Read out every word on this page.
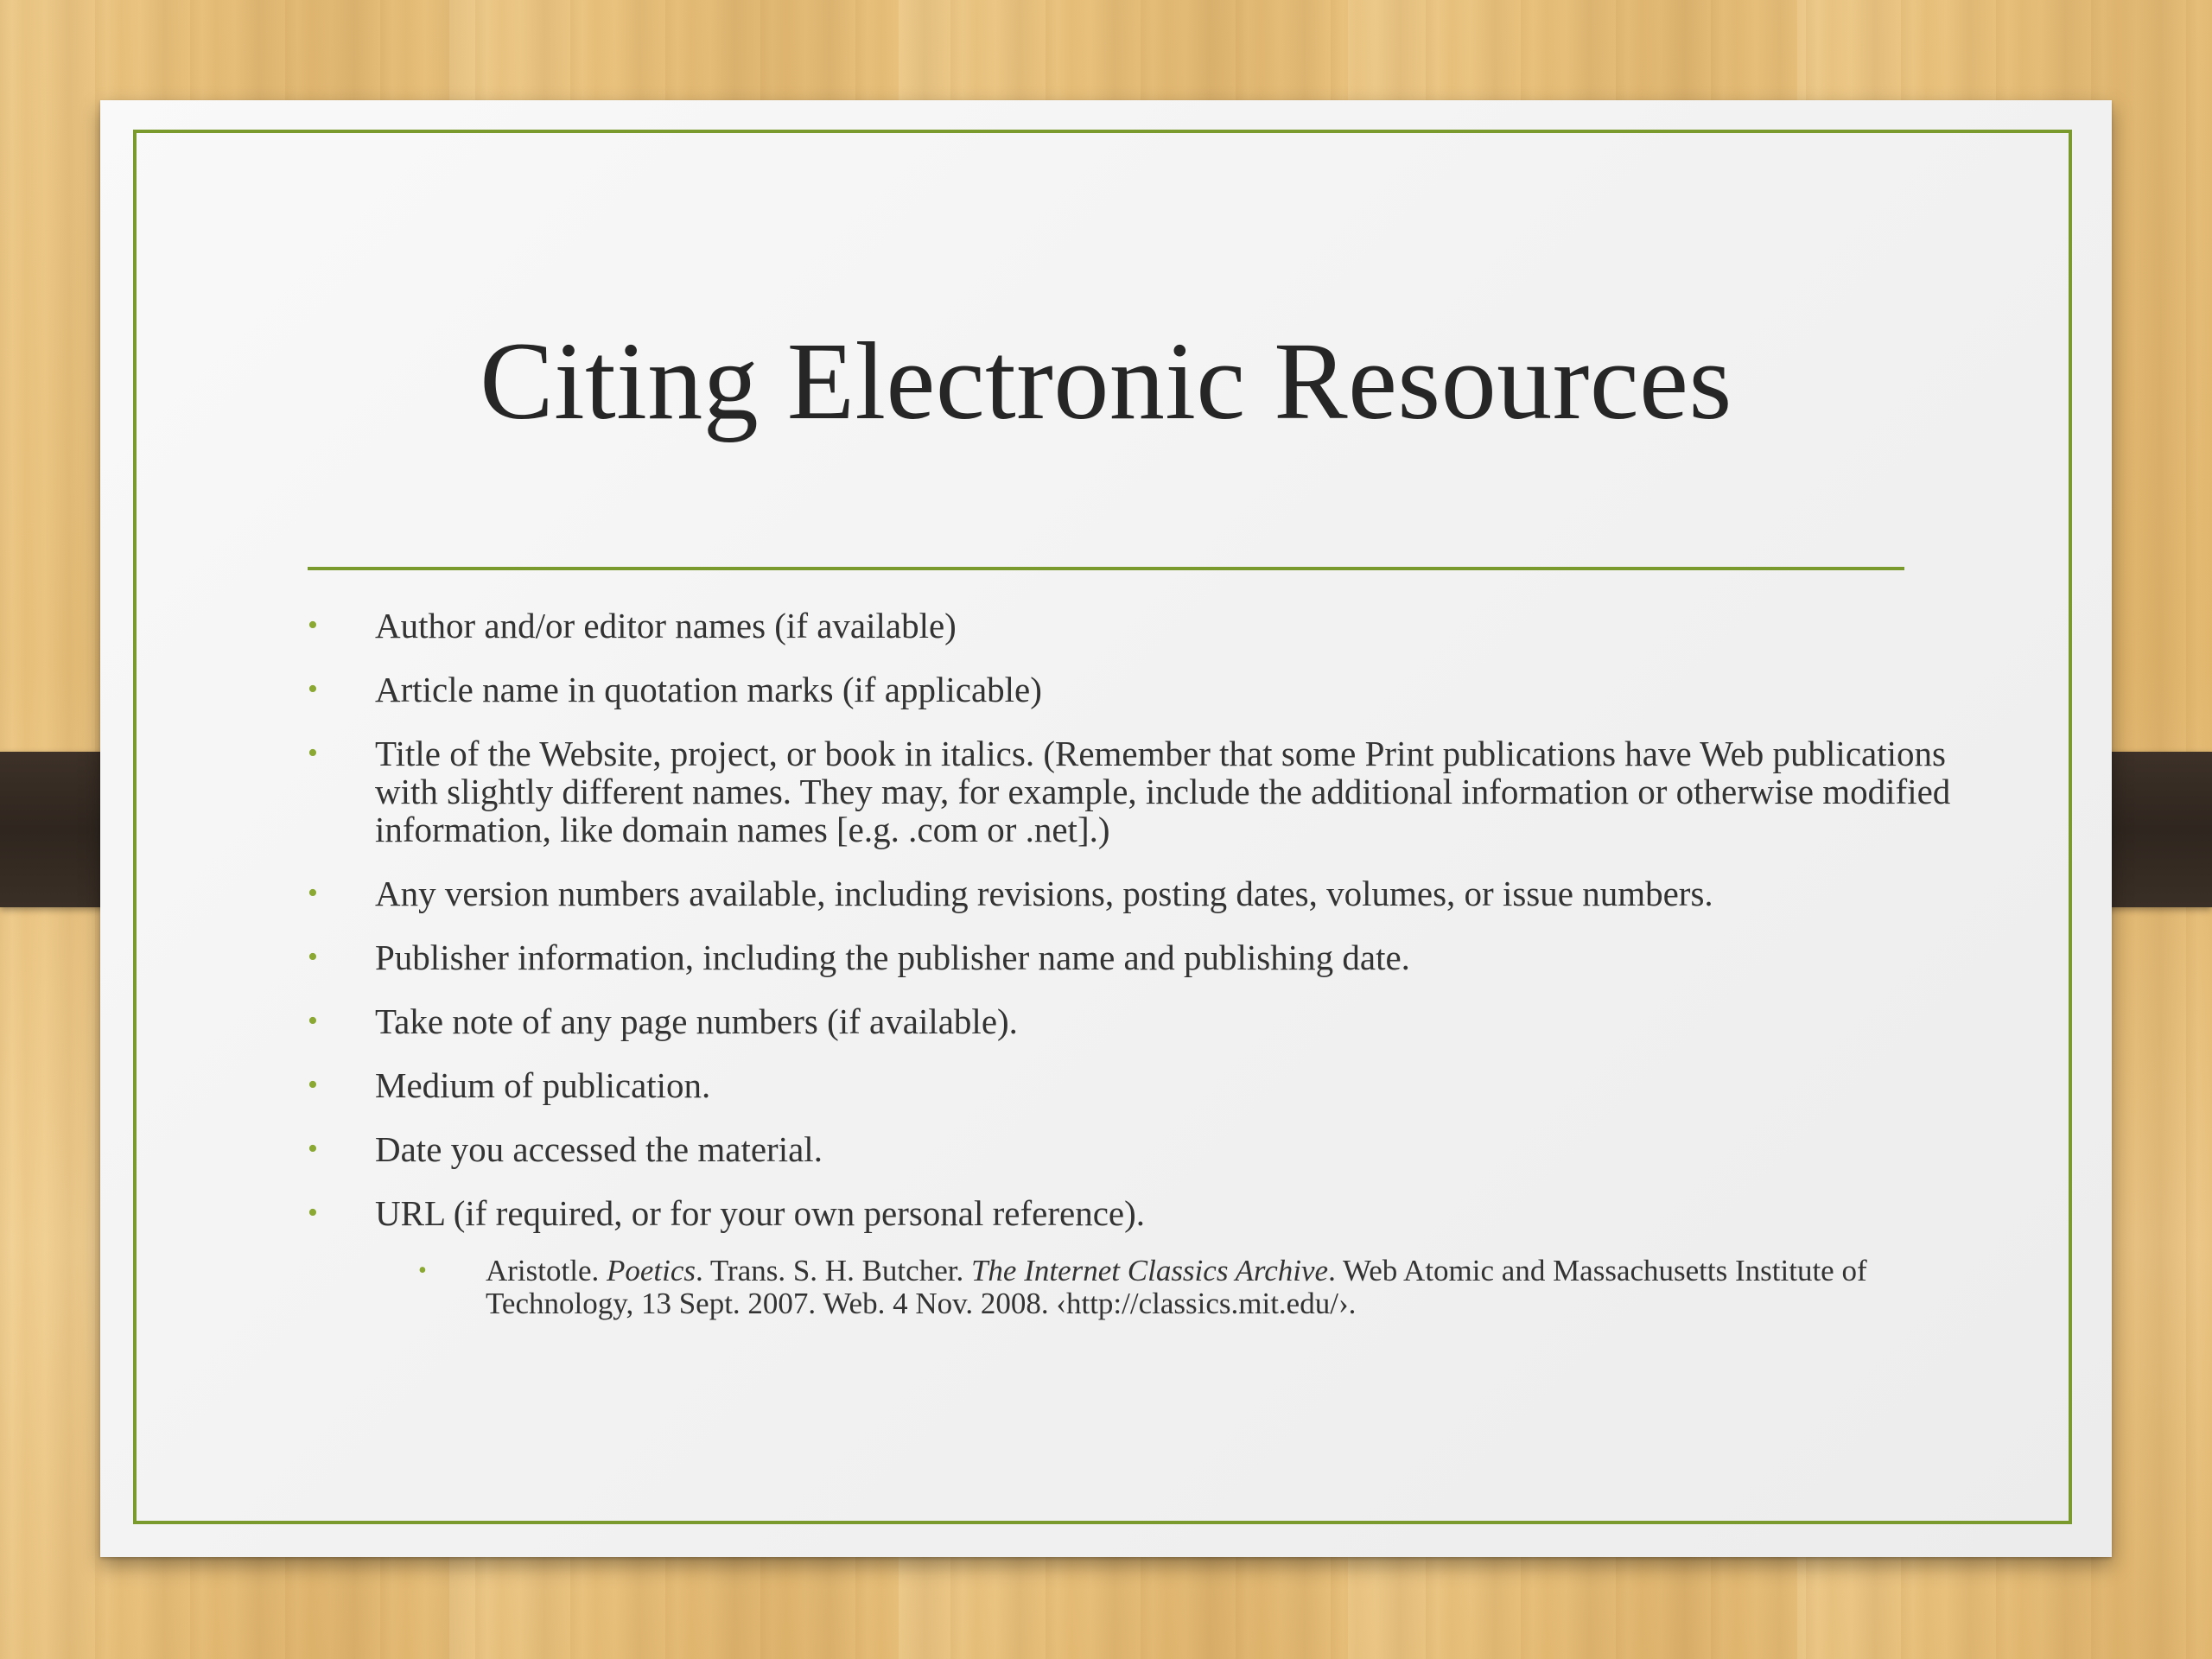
Citing Electronic Resources
• Author and/or editor names (if available)
• Article name in quotation marks (if applicable)
• Title of the Website, project, or book in italics. (Remember that some Print publications have Web publications with slightly different names. They may, for example, include the additional information or otherwise modified information, like domain names [e.g. .com or .net].)
• Any version numbers available, including revisions, posting dates, volumes, or issue numbers.
• Publisher information, including the publisher name and publishing date.
• Take note of any page numbers (if available).
• Medium of publication.
• Date you accessed the material.
• URL (if required, or for your own personal reference).
• Aristotle. Poetics. Trans. S. H. Butcher. The Internet Classics Archive. Web Atomic and Massachusetts Institute of Technology, 13 Sept. 2007. Web. 4 Nov. 2008. ‹http://classics.mit.edu/›.
